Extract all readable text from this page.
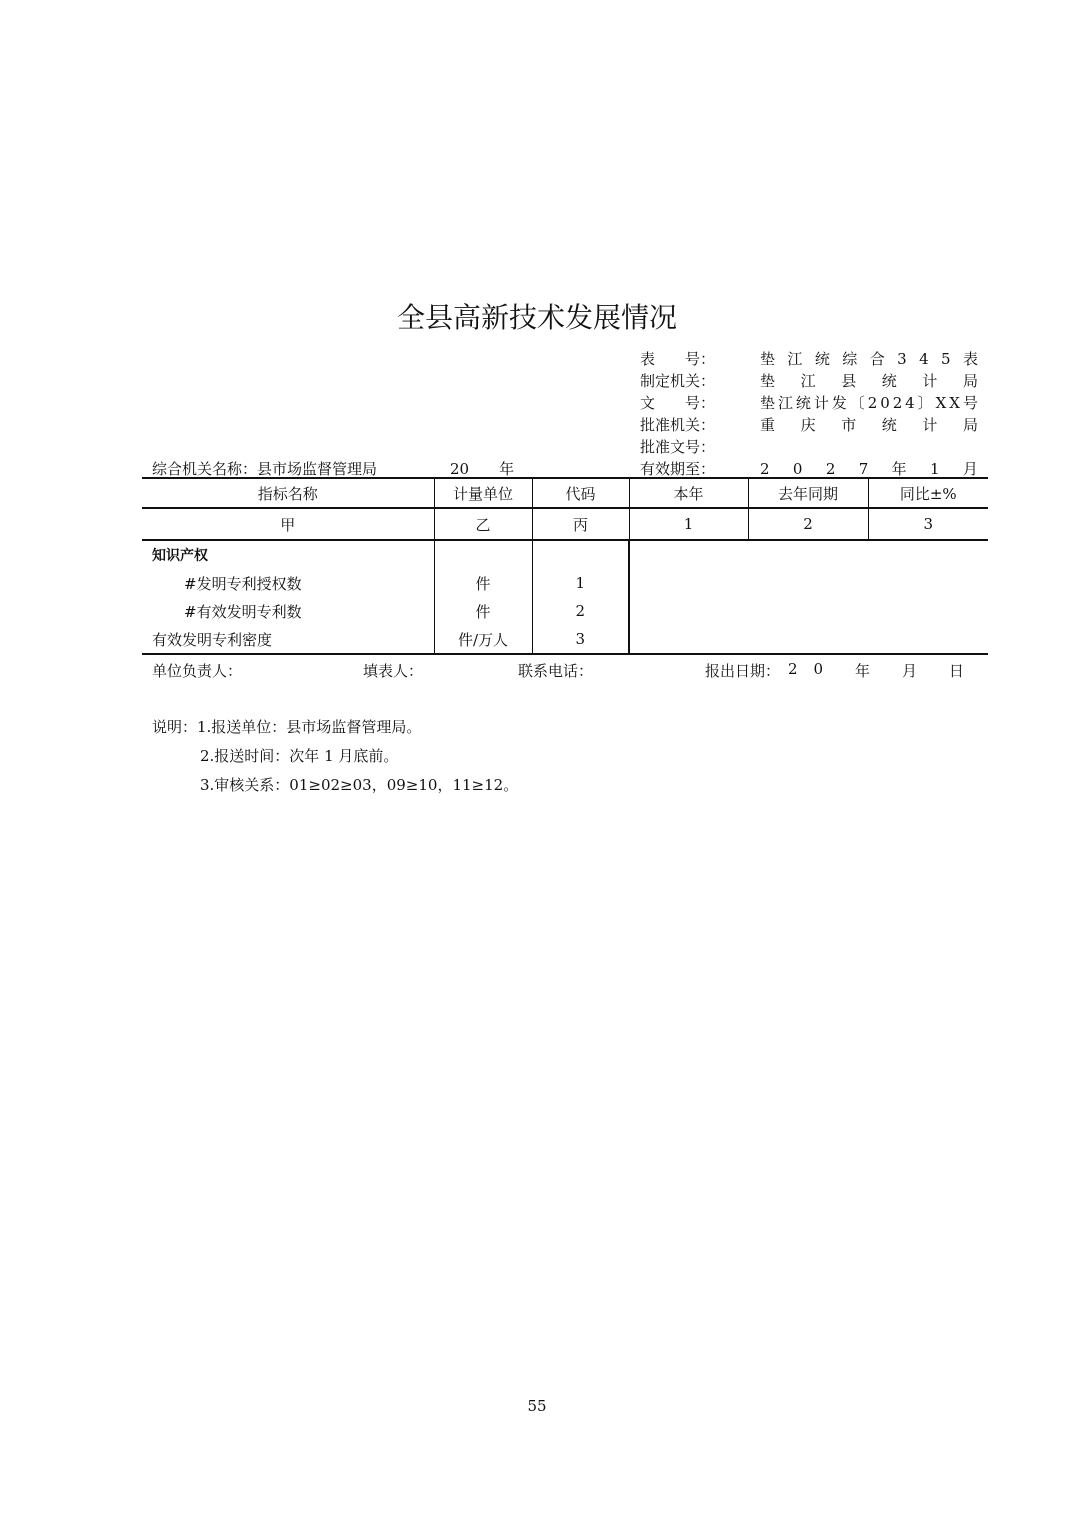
全县高新技术发展情况
表　　号：	垫 江 统 综 合 3 4 5 表
制定机关：	垫 江 县 统 计 局
文　　号：	垫 江 统 计 发 〔 2 0 2 4 〕 X X 号
批准机关：	重 庆 市 统 计 局
批准文号：
有效期至：	2 0 2 7 年 1 月
综合机关名称：县市场监督管理局	20 年
指标名称	计量单位	代码	本年	去年同期	同比±%
甲	乙	丙	1	2	3
知识产权					
#发明专利授权数	件	1			
#有效发明专利数	件	2			
有效发明专利密度	件/万人	3			
单位负责人：	填表人：	联系电话：	报出日期： 2 0 年 月 日
说明：1.报送单位：县市场监督管理局。
2.报送时间：次年 1 月底前。
3.审核关系：01≥02≥03，09≥10，11≥12。
55
